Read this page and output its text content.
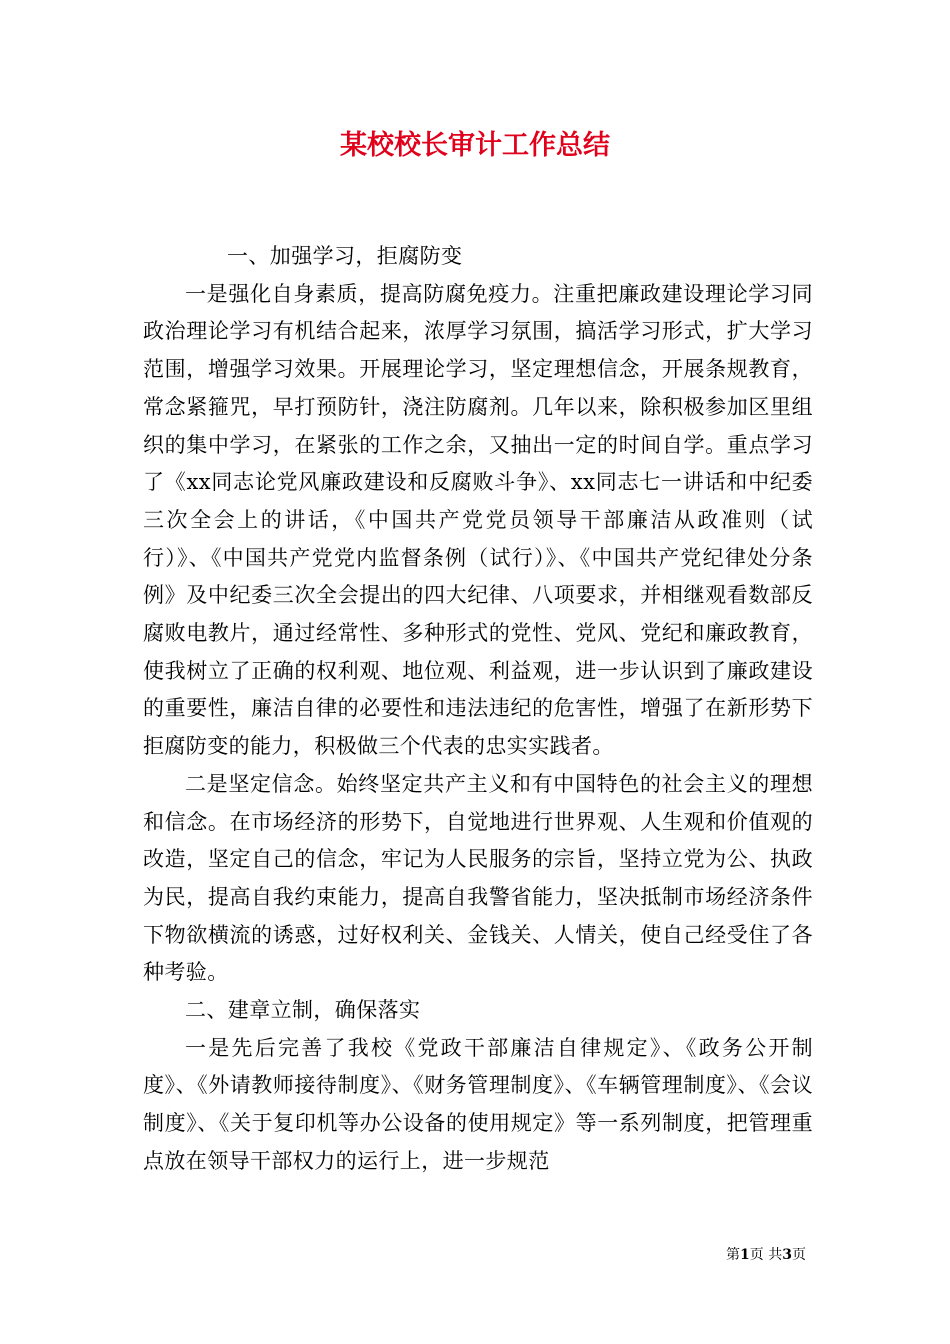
某校校长审计工作总结

一、加强学习，拒腐防变

一是强化自身素质，提高防腐免疫力。注重把廉政建设理论学习同政治理论学习有机结合起来，浓厚学习氛围，搞活学习形式，扩大学习范围，增强学习效果。开展理论学习，坚定理想信念，开展条规教育，常念紧箍咒，早打预防针，浇注防腐剂。几年以来，除积极参加区里组织的集中学习，在紧张的工作之余，又抽出一定的时间自学。重点学习了《xx同志论党风廉政建设和反腐败斗争》、xx同志七一讲话和中纪委三次全会上的讲话，《中国共产党党员领导干部廉洁从政准则（试行）》、《中国共产党党内监督条例（试行）》、《中国共产党纪律处分条例》及中纪委三次全会提出的四大纪律、八项要求，并相继观看数部反腐败电教片，通过经常性、多种形式的党性、党风、党纪和廉政教育，使我树立了正确的权利观、地位观、利益观，进一步认识到了廉政建设的重要性，廉洁自律的必要性和违法违纪的危害性，增强了在新形势下拒腐防变的能力，积极做三个代表的忠实实践者。

二是坚定信念。始终坚定共产主义和有中国特色的社会主义的理想和信念。在市场经济的形势下，自觉地进行世界观、人生观和价值观的改造，坚定自己的信念，牢记为人民服务的宗旨，坚持立党为公、执政为民，提高自我约束能力，提高自我警省能力，坚决抵制市场经济条件下物欲横流的诱惑，过好权利关、金钱关、人情关，使自己经受住了各种考验。

二、建章立制，确保落实

一是先后完善了我校《党政干部廉洁自律规定》、《政务公开制度》、《外请教师接待制度》、《财务管理制度》、《车辆管理制度》、《会议制度》、《关于复印机等办公设备的使用规定》等一系列制度，把管理重点放在领导干部权力的运行上，进一步规范

第1页 共3页
